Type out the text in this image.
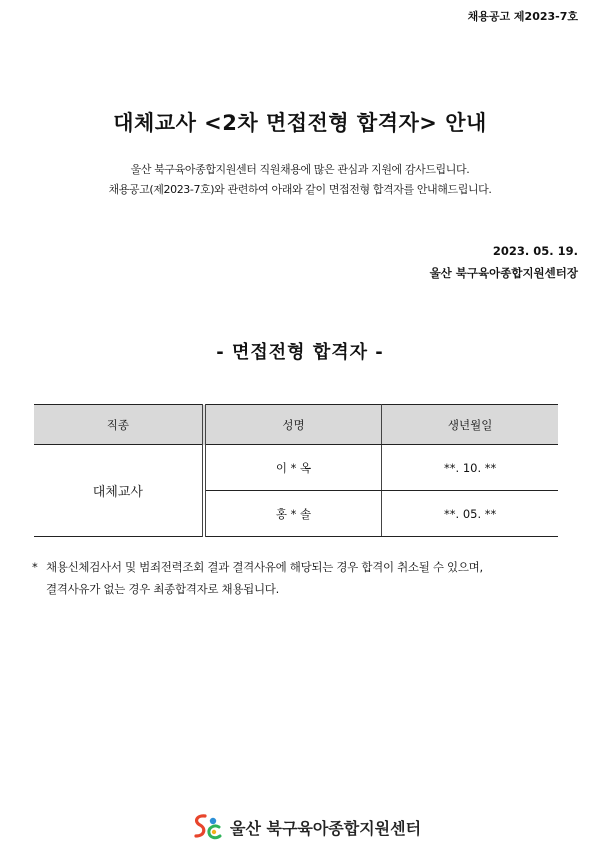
채용공고 제2023-7호
대체교사 <2차 면접전형 합격자> 안내
울산 북구육아종합지원센터 직원채용에 많은 관심과 지원에 감사드립니다.
채용공고(제2023-7호)와 관련하여 아래와 같이 면접전형 합격자를 안내해드립니다.
2023. 05. 19.
울산 북구육아종합지원센터장
- 면접전형 합격자 -
직종	성명	생년월일
대체교사	이 * 옥	**. 10. **
	홍 * 솔	**. 05. **
* 채용신체검사서 및 범죄전력조회 결과 결격사유에 해당되는 경우 합격이 취소될 수 있으며,
결격사유가 없는 경우 최종합격자로 채용됩니다.
울산 북구육아종합지원센터
